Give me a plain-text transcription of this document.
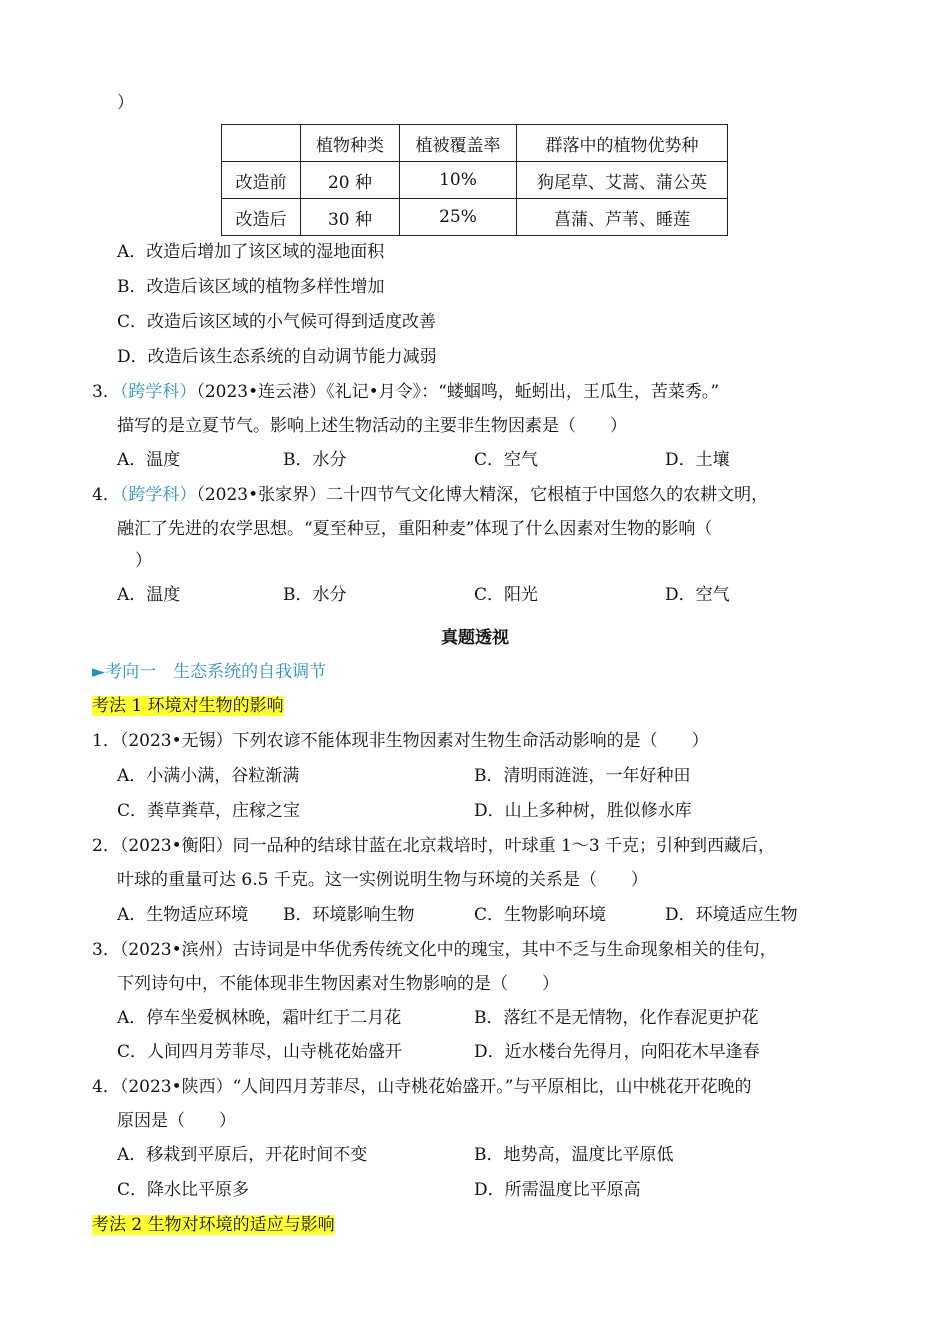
）
	植物种类	植被覆盖率	群落中的植物优势种
改造前	20 种	10%	狗尾草、艾蒿、蒲公英
改造后	30 种	25%	菖蒲、芦苇、睡莲
A．改造后增加了该区域的湿地面积
B．改造后该区域的植物多样性增加
C．改造后该区域的小气候可得到适度改善
D．改造后该生态系统的自动调节能力减弱
3．（跨学科）（2023•连云港）《礼记•月令》：“蝼蝈鸣，蚯蚓出，王瓜生，苦菜秀。”
描写的是立夏节气。影响上述生物活动的主要非生物因素是（　　）
A．温度	B．水分	C．空气	D．土壤
4．（跨学科）（2023•张家界）二十四节气文化博大精深，它根植于中国悠久的农耕文明，
融汇了先进的农学思想。“夏至种豆，重阳种麦”体现了什么因素对生物的影响（
）
A．温度	B．水分	C．阳光	D．空气
真题透视
►考向一　生态系统的自我调节
考法 1 环境对生物的影响
1．（2023•无锡）下列农谚不能体现非生物因素对生物生命活动影响的是（　　）
A．小满小满，谷粒渐满	B．清明雨涟涟，一年好种田
C．粪草粪草，庄稼之宝	D．山上多种树，胜似修水库
2．（2023•衡阳）同一品种的结球甘蓝在北京栽培时，叶球重 1～3 千克；引种到西藏后，
叶球的重量可达 6.5 千克。这一实例说明生物与环境的关系是（　　）
A．生物适应环境 B．环境影响生物	C．生物影响环境	D．环境适应生物
3．（2023•滨州）古诗词是中华优秀传统文化中的瑰宝，其中不乏与生命现象相关的佳句，
下列诗句中，不能体现非生物因素对生物影响的是（　　）
A．停车坐爱枫林晚，霜叶红于二月花	B．落红不是无情物，化作春泥更护花
C．人间四月芳菲尽，山寺桃花始盛开	D．近水楼台先得月，向阳花木早逢春
4．（2023•陕西）“人间四月芳菲尽，山寺桃花始盛开。”与平原相比，山中桃花开花晚的
原因是（　　）
A．移栽到平原后，开花时间不变	B．地势高，温度比平原低
C．降水比平原多	D．所需温度比平原高
考法 2 生物对环境的适应与影响
